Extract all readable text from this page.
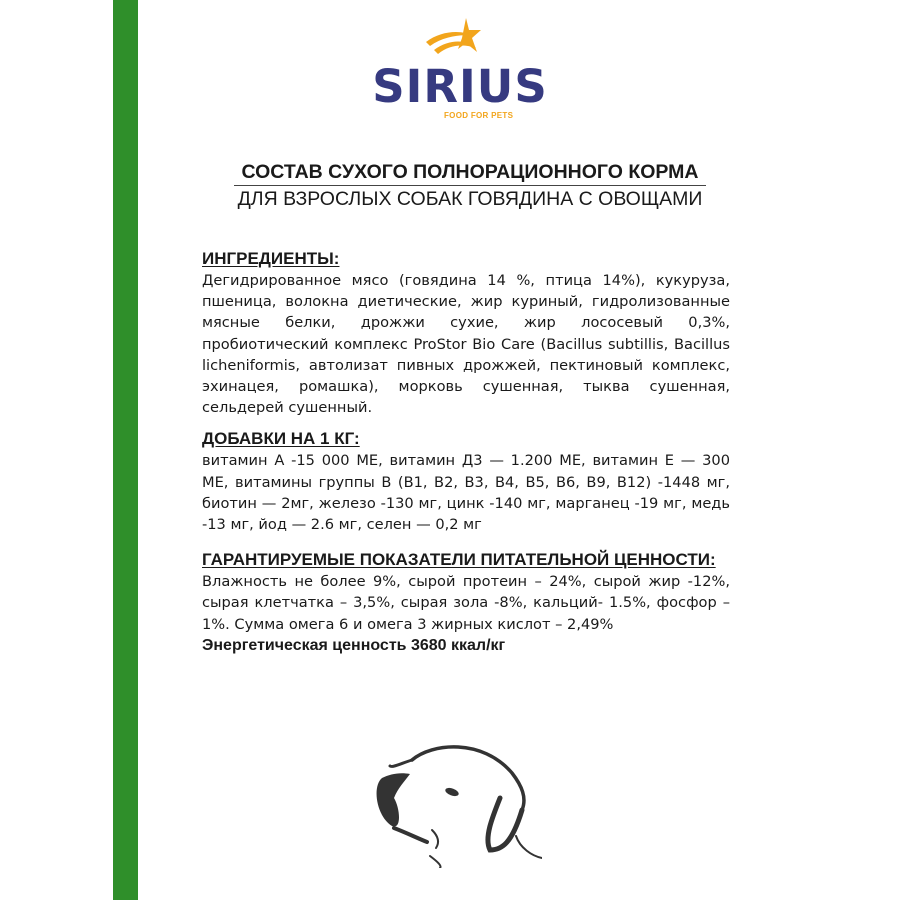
SIRIUS
FOOD FOR PETS
СОСТАВ СУХОГО ПОЛНОРАЦИОННОГО КОРМА
ДЛЯ ВЗРОСЛЫХ СОБАК ГОВЯДИНА С ОВОЩАМИ
ИНГРЕДИЕНТЫ:

Дегидрированное мясо (говядина 14 %, птица 14%), кукуруза, пшеница, волокна диетические, жир куриный, гидролизованные мясные белки, дрожжи сухие, жир лососевый 0,3%, пробиотический комплекс ProStor Bio Care (Bacillus subtillis, Bacillus licheniformis, автолизат пивных дрожжей, пектиновый комплекс, эхинацея, ромашка), морковь сушенная, тыква сушенная, сельдерей сушенный.

ДОБАВКИ НА 1 КГ:

витамин А -15 000 МЕ, витамин Д3 — 1.200 МЕ, витамин Е — 300 МЕ, витамины группы В (В1, В2, В3, В4, В5, В6, В9, В12) -1448 мг, биотин — 2мг, железо -130 мг, цинк -140 мг, марганец -19 мг, медь -13 мг, йод — 2.6 мг, селен — 0,2 мг

ГАРАНТИРУЕМЫЕ ПОКАЗАТЕЛИ ПИТАТЕЛЬНОЙ ЦЕННОСТИ:

Влажность не более 9%, сырой протеин – 24%, сырой жир -12%, сырая клетчатка – 3,5%, сырая зола -8%, кальций- 1.5%, фосфор – 1%. Сумма омега 6 и омега 3 жирных кислот – 2,49%

Энергетическая ценность 3680 ккал/кг
